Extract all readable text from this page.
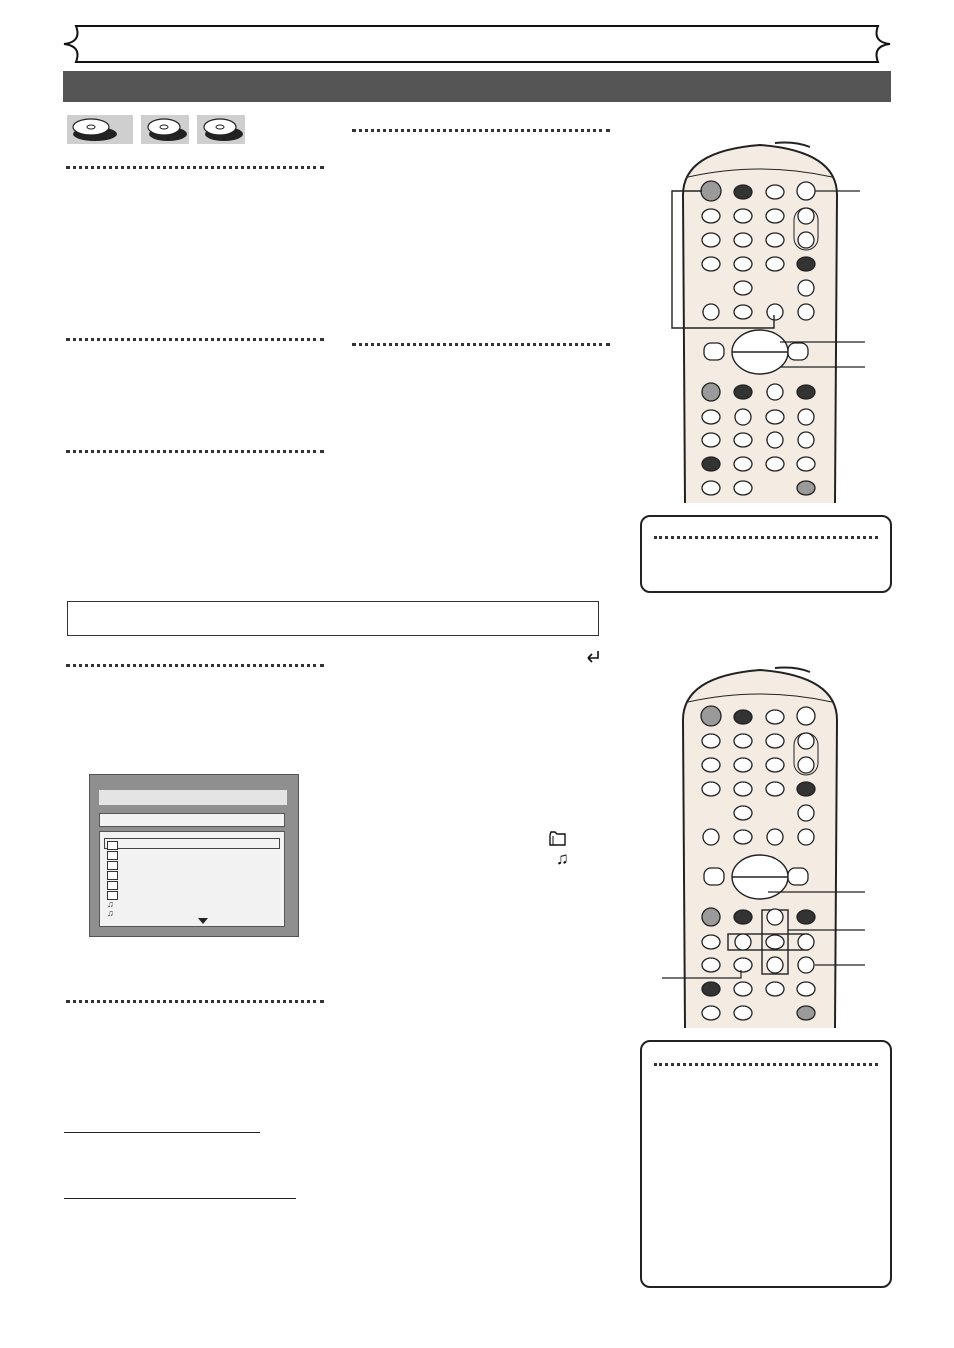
♫
♫
♫
